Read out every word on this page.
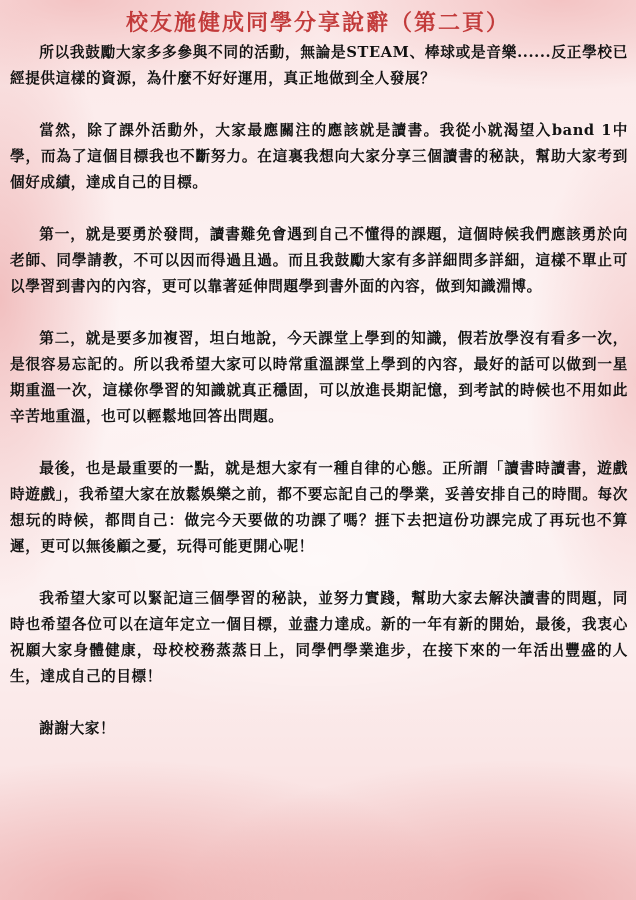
校友施健成同學分享說辭（第二頁）

所以我鼓勵大家多多參與不同的活動，無論是STEAM、棒球或是音樂......反正學校已經提供這樣的資源，為什麼不好好運用，真正地做到全人發展？

當然，除了課外活動外，大家最應關注的應該就是讀書。我從小就渴望入band 1中學，而為了這個目標我也不斷努力。在這裏我想向大家分享三個讀書的秘訣，幫助大家考到個好成績，達成自己的目標。

第一，就是要勇於發問，讀書難免會遇到自己不懂得的課題，這個時候我們應該勇於向老師、同學請教，不可以因而得過且過。而且我鼓勵大家有多詳細問多詳細，這樣不單止可以學習到書內的內容，更可以靠著延伸問題學到書外面的內容，做到知識淵博。

第二，就是要多加複習，坦白地說，今天課堂上學到的知識，假若放學沒有看多一次，是很容易忘記的。所以我希望大家可以時常重溫課堂上學到的內容，最好的話可以做到一星期重溫一次，這樣你學習的知識就真正穩固，可以放進長期記憶，到考試的時候也不用如此辛苦地重溫，也可以輕鬆地回答出問題。

最後，也是最重要的一點，就是想大家有一種自律的心態。正所謂「讀書時讀書，遊戲時遊戲」，我希望大家在放鬆娛樂之前，都不要忘記自己的學業，妥善安排自己的時間。每次想玩的時候，都問自己：做完今天要做的功課了嗎？捱下去把這份功課完成了再玩也不算遲，更可以無後顧之憂，玩得可能更開心呢！

我希望大家可以緊記這三個學習的秘訣，並努力實踐，幫助大家去解決讀書的問題，同時也希望各位可以在這年定立一個目標，並盡力達成。新的一年有新的開始，最後，我衷心祝願大家身體健康，母校校務蒸蒸日上，同學們學業進步，在接下來的一年活出豐盛的人生，達成自己的目標！

謝謝大家！
